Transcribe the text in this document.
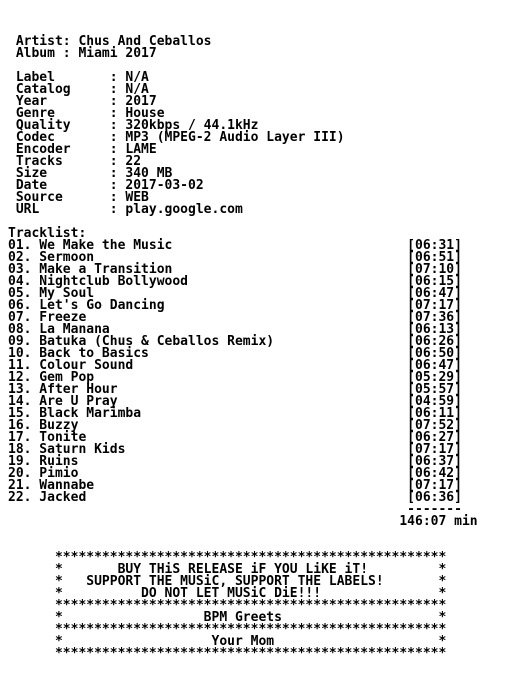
Artist: Chus And Ceballos
Album : Miami 2017

Label       : N/A
Catalog     : N/A
Year        : 2017
Genre       : House
Quality     : 320kbps / 44.1kHz
Codec       : MP3 (MPEG-2 Audio Layer III)
Encoder     : LAME
Tracks      : 22
Size        : 340 MB
Date        : 2017-03-02
Source      : WEB
URL         : play.google.com

Tracklist:
01. We Make the Music                              [06:31]
02. Sermoon                                        [06:51]
03. Make a Transition                              [07:10]
04. Nightclub Bollywood                            [06:15]
05. My Soul                                        [06:47]
06. Let's Go Dancing                               [07:17]
07. Freeze                                         [07:36]
08. La Manana                                      [06:13]
09. Batuka (Chus & Ceballos Remix)                 [06:26]
10. Back to Basics                                 [06:50]
11. Colour Sound                                   [06:47]
12. Gem Pop                                        [05:29]
13. After Hour                                     [05:57]
14. Are U Pray                                     [04:59]
15. Black Marimba                                  [06:11]
16. Buzzy                                          [07:52]
17. Tonite                                         [06:27]
18. Saturn Kids                                    [07:17]
19. Ruins                                          [06:37]
20. Pimio                                          [06:42]
21. Wannabe                                        [07:17]
22. Jacked                                         [06:36]
-------
146:07 min

**************************************************
*       BUY THiS RELEASE iF YOU LiKE iT!         *
*   SUPPORT THE MUSiC, SUPPORT THE LABELS!       *
*          DO NOT LET MUSiC DiE!!!               *
**************************************************
*                  BPM Greets                    *
**************************************************
*                   Your Mom                     *
**************************************************
